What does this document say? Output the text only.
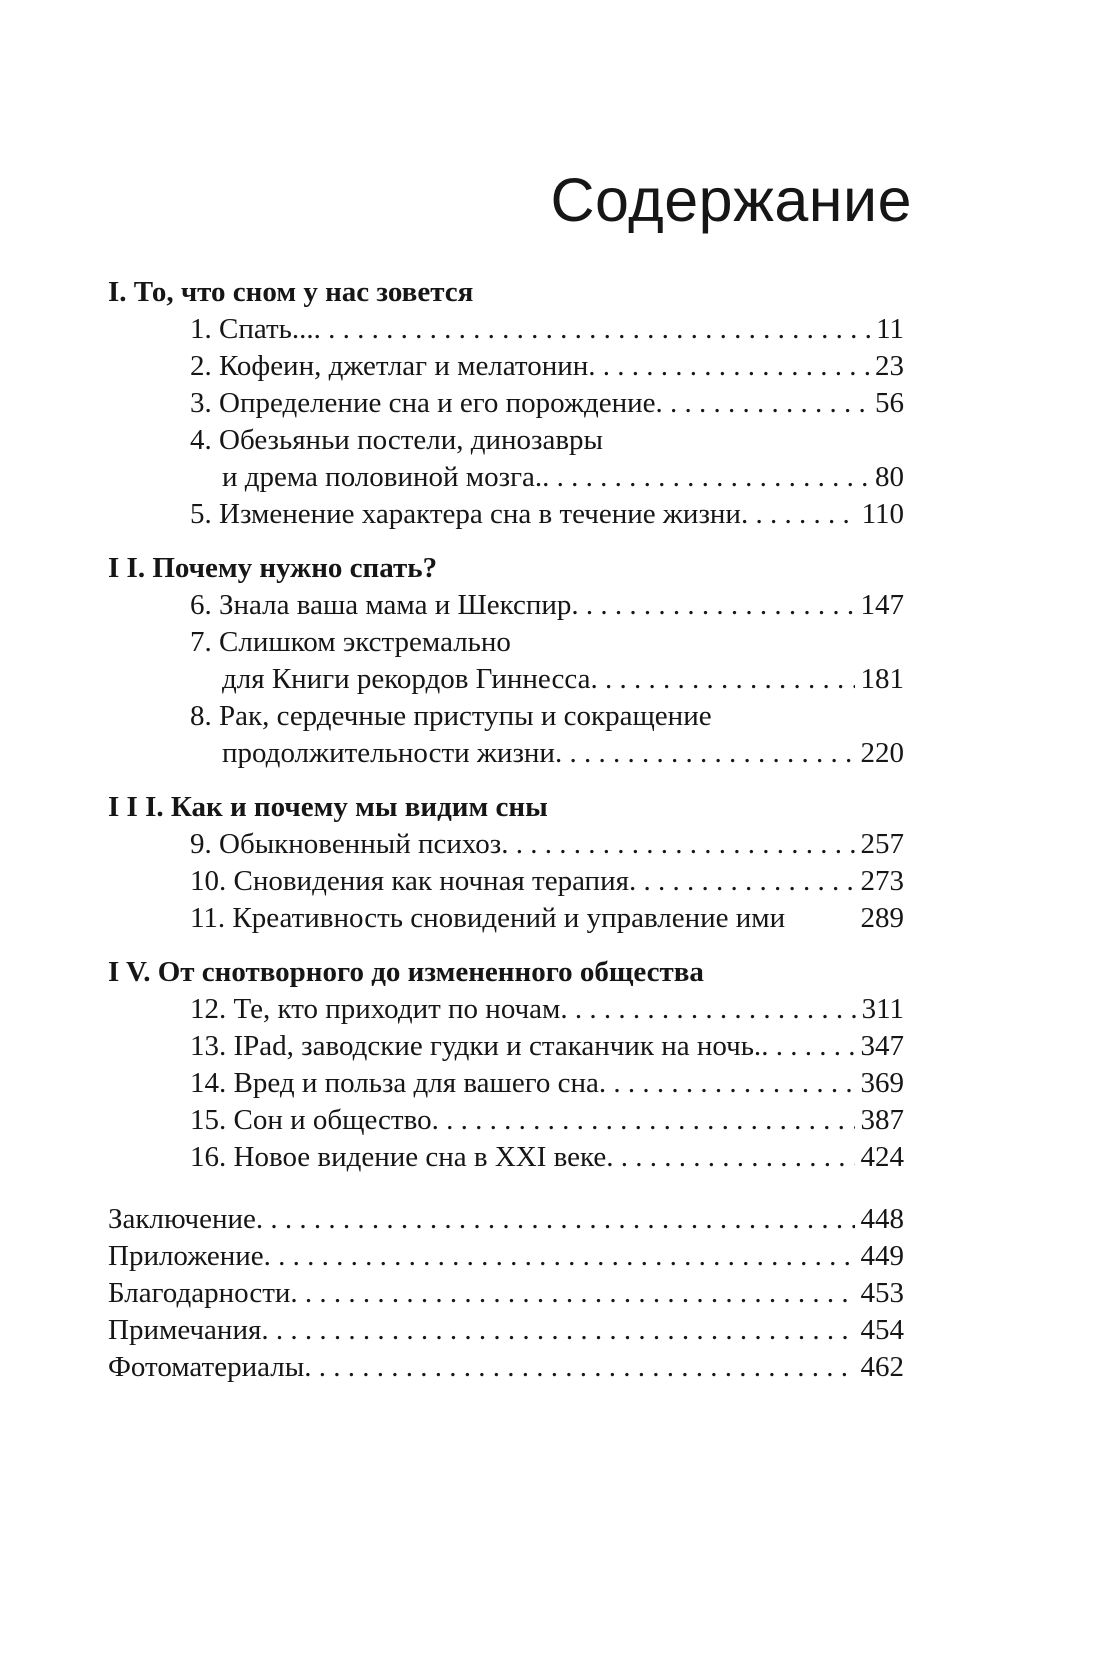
Содержание
I. То, что сном у нас зовется
1. Спать... . . .	11
2. Кофеин, джетлаг и мелатонин . . .	23
3. Определение сна и его порождение . . .	56
4. Обезьяньи постели, динозавры
и дрема половиной мозга. . . .	80
5. Изменение характера сна в течение жизни . . .	110
I I. Почему нужно спать?
6. Знала ваша мама и Шекспир . . .	147
7. Слишком экстремально
для Книги рекордов Гиннесса . . .	181
8. Рак, сердечные приступы и сокращение
продолжительности жизни . . .	220
I I I. Как и почему мы видим сны
9. Обыкновенный психоз . . .	257
10. Сновидения как ночная терапия . . .	273
11. Креативность сновидений и управление ими	289
I V. От снотворного до измененного общества
12. Те, кто приходит по ночам . . .	311
13. IPad, заводские гудки и стаканчик на ночь. . . .	347
14. Вред и польза для вашего сна . . .	369
15. Сон и общество . . .	387
16. Новое видение сна в XXI веке . . .	424
Заключение . . .	448
Приложение . . .	449
Благодарности . . .	453
Примечания . . .	454
Фотоматериалы . . .	462
